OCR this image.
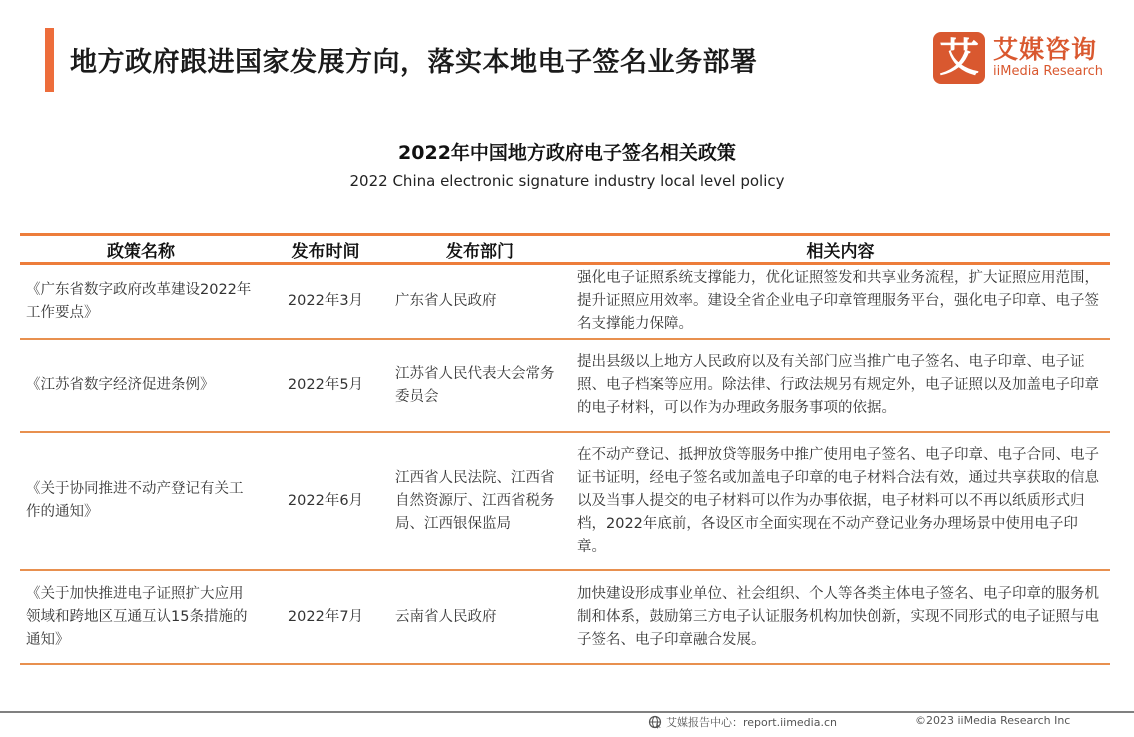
地方政府跟进国家发展方向，落实本地电子签名业务部署	艾 艾媒咨询
iiMedia Research
2022年中国地方政府电子签名相关政策
2022 China electronic signature industry local level policy
政策名称	发布时间	发布部门	相关内容
《广东省数字政府改革建设2022年工作要点》	2022年3月	广东省人民政府	强化电子证照系统支撑能力，优化证照签发和共享业务流程，扩大证照应用范围，提升证照应用效率。建设全省企业电子印章管理服务平台，强化电子印章、电子签名支撑能力保障。
《江苏省数字经济促进条例》	2022年5月	江苏省人民代表大会常务委员会	提出县级以上地方人民政府以及有关部门应当推广电子签名、电子印章、电子证照、电子档案等应用。除法律、行政法规另有规定外，电子证照以及加盖电子印章的电子材料，可以作为办理政务服务事项的依据。
《关于协同推进不动产登记有关工作的通知》	2022年6月	江西省人民法院、江西省自然资源厅、江西省税务局、江西银保监局	在不动产登记、抵押放贷等服务中推广使用电子签名、电子印章、电子合同、电子证书证明，经电子签名或加盖电子印章的电子材料合法有效，通过共享获取的信息以及当事人提交的电子材料可以作为办事依据，电子材料可以不再以纸质形式归档，2022年底前，各设区市全面实现在不动产登记业务办理场景中使用电子印章。
《关于加快推进电子证照扩大应用领域和跨地区互通互认15条措施的通知》	2022年7月	云南省人民政府	加快建设形成事业单位、社会组织、个人等各类主体电子签名、电子印章的服务机制和体系，鼓励第三方电子认证服务机构加快创新，实现不同形式的电子证照与电子签名、电子印章融合发展。
艾媒报告中心：report.iimedia.cn	©2023 iiMedia Research Inc
